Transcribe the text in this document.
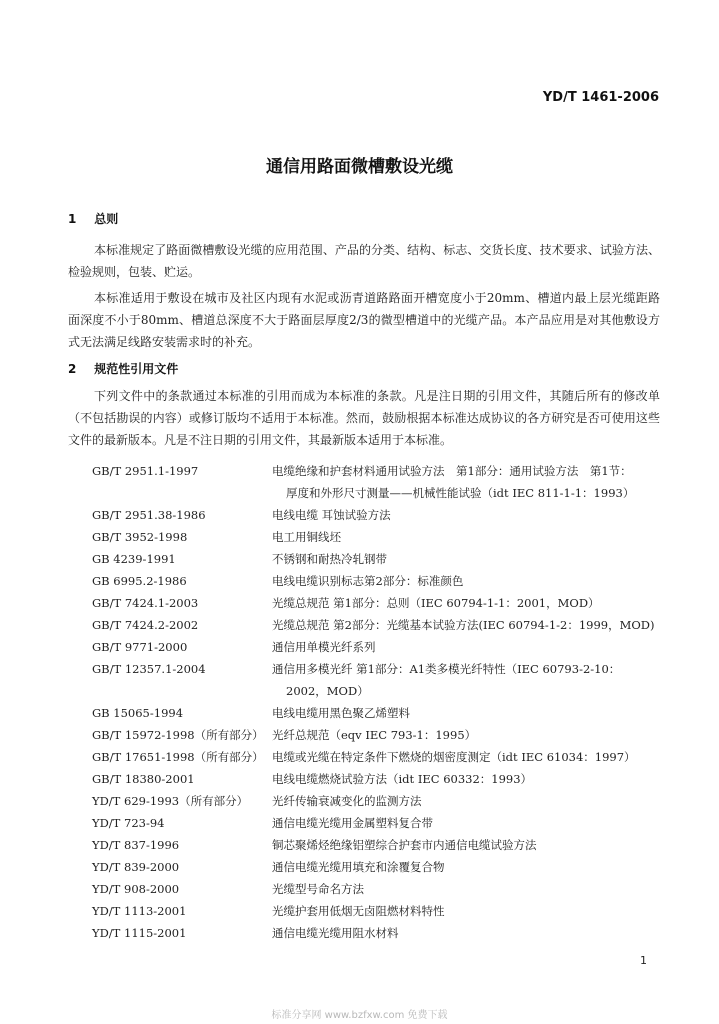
YD/T 1461-2006
通信用路面微槽敷设光缆
1 总则

本标准规定了路面微槽敷设光缆的应用范围、产品的分类、结构、标志、交货长度、技术要求、试验方法、检验规则，包装、贮运。

本标准适用于敷设在城市及社区内现有水泥或沥青道路路面开槽宽度小于20mm、槽道内最上层光缆距路面深度不小于80mm、槽道总深度不大于路面层厚度2/3的微型槽道中的光缆产品。本产品应用是对其他敷设方式无法满足线路安装需求时的补充。

2 规范性引用文件

下列文件中的条款通过本标准的引用而成为本标准的条款。凡是注日期的引用文件，其随后所有的修改单（不包括勘误的内容）或修订版均不适用于本标准。然而，鼓励根据本标准达成协议的各方研究是否可使用这些文件的最新版本。凡是不注日期的引用文件，其最新版本适用于本标准。

GB/T 2951.1-1997	电缆绝缘和护套材料通用试验方法　第1部分：通用试验方法　第1节：
厚度和外形尺寸测量——机械性能试验（idt IEC 811-1-1：1993）
GB/T 2951.38-1986	电线电缆 耳蚀试验方法
GB/T 3952-1998	电工用铜线坯
GB 4239-1991	不锈钢和耐热冷轧钢带
GB 6995.2-1986	电线电缆识别标志第2部分：标准颜色
GB/T 7424.1-2003	光缆总规范 第1部分：总则（IEC 60794-1-1：2001，MOD）
GB/T 7424.2-2002	光缆总规范 第2部分：光缆基本试验方法(IEC 60794-1-2：1999，MOD)
GB/T 9771-2000	通信用单模光纤系列
GB/T 12357.1-2004	通信用多模光纤 第1部分：A1类多模光纤特性（IEC 60793-2-10：
2002，MOD）
GB 15065-1994	电线电缆用黑色聚乙烯塑料
GB/T 15972-1998（所有部分） 光纤总规范（eqv IEC 793-1：1995）
GB/T 17651-1998（所有部分） 电缆或光缆在特定条件下燃烧的烟密度测定（idt IEC 61034：1997）
GB/T 18380-2001	电线电缆燃烧试验方法（idt IEC 60332：1993）
YD/T 629-1993（所有部分） 光纤传输衰减变化的监测方法
YD/T 723-94	通信电缆光缆用金属塑料复合带
YD/T 837-1996	铜芯聚烯烃绝缘铝塑综合护套市内通信电缆试验方法
YD/T 839-2000	通信电缆光缆用填充和涂覆复合物
YD/T 908-2000	光缆型号命名方法
YD/T 1113-2001	光缆护套用低烟无卤阻燃材料特性
YD/T 1115-2001	通信电缆光缆用阻水材料
1
标准分享网 www.bzfxw.com 免费下载
